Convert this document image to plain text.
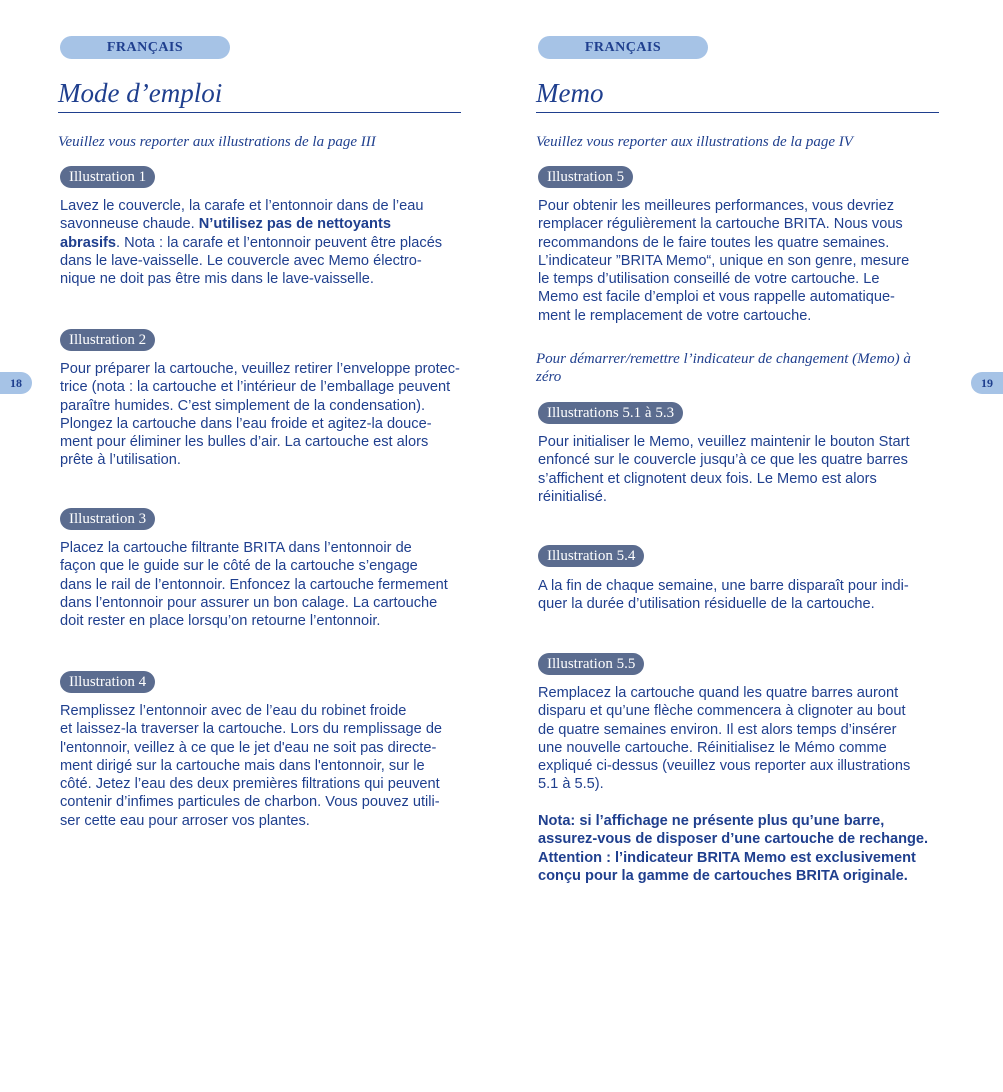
18	19
FRANÇAIS
Mode d’emploi

Veuillez vous reporter aux illustrations de la page III

Illustration 1

Lavez le couvercle, la carafe et l’entonnoir dans de l’eau
savonneuse chaude. N’utilisez pas de nettoyants
abrasifs. Nota : la carafe et l’entonnoir peuvent être placés
dans le lave-vaisselle. Le couvercle avec Memo électro-
nique ne doit pas être mis dans le lave-vaisselle.

Illustration 2

Pour préparer la cartouche, veuillez retirer l’enveloppe protec-
trice (nota : la cartouche et l’intérieur de l’emballage peuvent
paraître humides. C’est simplement de la condensation).
Plongez la cartouche dans l’eau froide et agitez-la douce-
ment pour éliminer les bulles d’air. La cartouche est alors
prête à l’utilisation.

Illustration 3

Placez la cartouche filtrante BRITA dans l’entonnoir de
façon que le guide sur le côté de la cartouche s’engage
dans le rail de l’entonnoir. Enfoncez la cartouche fermement
dans l’entonnoir pour assurer un bon calage. La cartouche
doit rester en place lorsqu’on retourne l’entonnoir.

Illustration 4

Remplissez l’entonnoir avec de l’eau du robinet froide
et laissez-la traverser la cartouche. Lors du remplissage de
l'entonnoir, veillez à ce que le jet d'eau ne soit pas directe-
ment dirigé sur la cartouche mais dans l'entonnoir, sur le
côté. Jetez l’eau des deux premières filtrations qui peuvent
contenir d’infimes particules de charbon. Vous pouvez utili-
ser cette eau pour arroser vos plantes.

FRANÇAIS
Memo

Veuillez vous reporter aux illustrations de la page IV

Illustration 5

Pour obtenir les meilleures performances, vous devriez
remplacer régulièrement la cartouche BRITA. Nous vous
recommandons de le faire toutes les quatre semaines.
L’indicateur ”BRITA Memo“, unique en son genre, mesure
le temps d’utilisation conseillé de votre cartouche. Le
Memo est facile d’emploi et vous rappelle automatique-
ment le remplacement de votre cartouche.

Pour démarrer/remettre l’indicateur de changement (Memo) à zéro

Illustrations 5.1 à 5.3

Pour initialiser le Memo, veuillez maintenir le bouton Start
enfoncé sur le couvercle jusqu’à ce que les quatre barres
s’affichent et clignotent deux fois. Le Memo est alors
réinitialisé.

Illustration 5.4

A la fin de chaque semaine, une barre disparaît pour indi-
quer la durée d’utilisation résiduelle de la cartouche.

Illustration 5.5

Remplacez la cartouche quand les quatre barres auront
disparu et qu’une flèche commencera à clignoter au bout
de quatre semaines environ. Il est alors temps d’insérer
une nouvelle cartouche. Réinitialisez le Mémo comme
expliqué ci-dessus (veuillez vous reporter aux illustrations
5.1 à 5.5).

Nota: si l’affichage ne présente plus qu’une barre,
assurez-vous de disposer d’une cartouche de rechange.
Attention : l’indicateur BRITA Memo est exclusivement
conçu pour la gamme de cartouches BRITA originale.
